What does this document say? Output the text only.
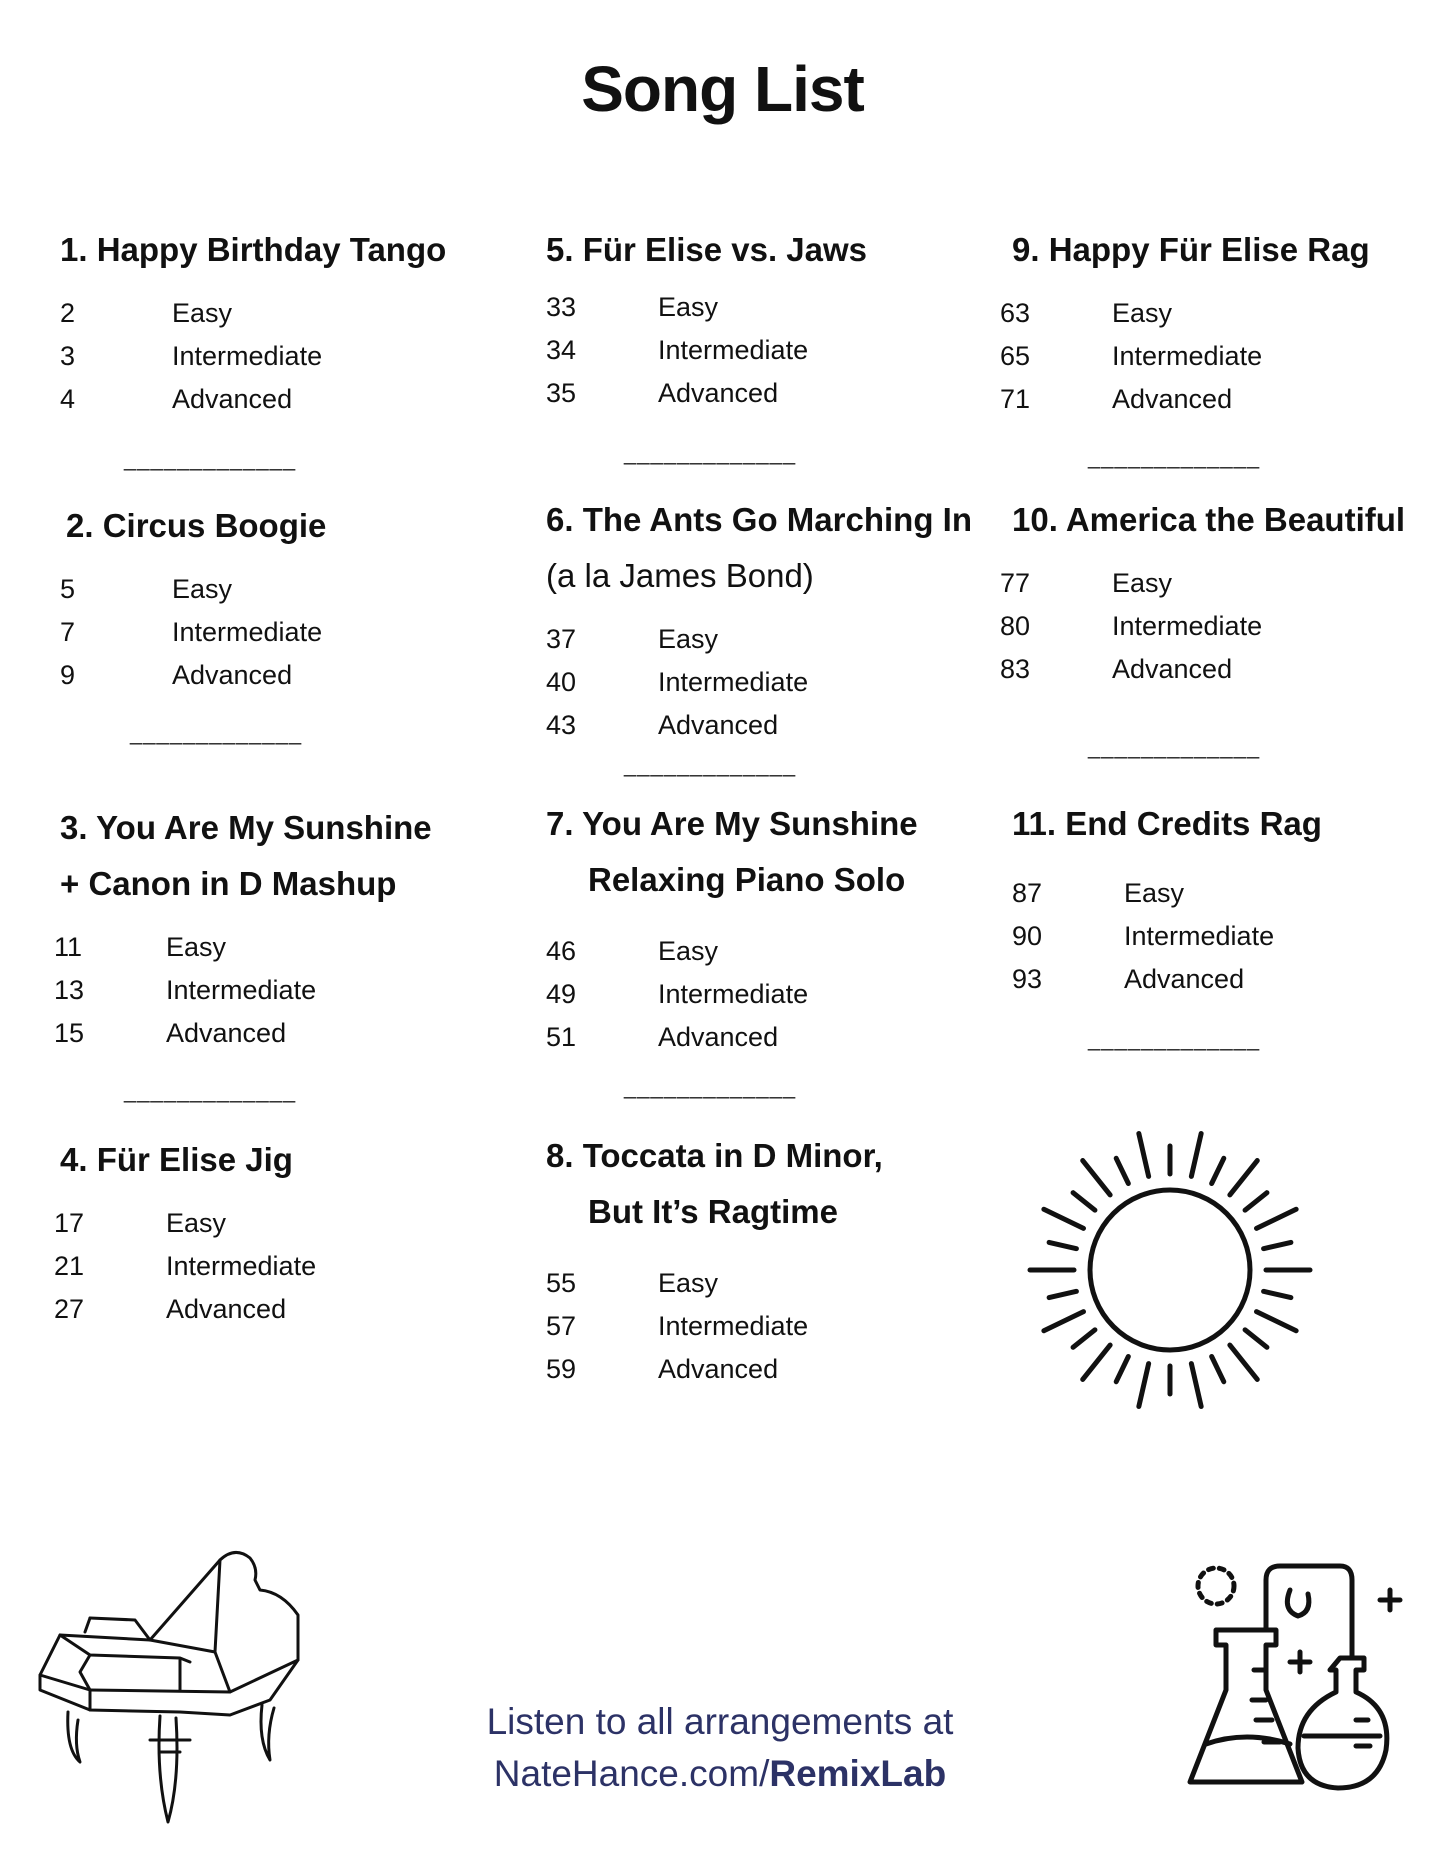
Song List
1. Happy Birthday Tango
2	Easy
3	Intermediate
4	Advanced
_____________
2. Circus Boogie
5	Easy
7	Intermediate
9	Advanced
_____________
3. You Are My Sunshine
+ Canon in D Mashup
11	Easy
13	Intermediate
15	Advanced
_____________
4. Für Elise Jig
17	Easy
21	Intermediate
27	Advanced
5. Für Elise vs. Jaws
33	Easy
34	Intermediate
35	Advanced
_____________
6. The Ants Go Marching In
(a la James Bond)
37	Easy
40	Intermediate
43	Advanced
_____________
7. You Are My Sunshine
Relaxing Piano Solo
46	Easy
49	Intermediate
51	Advanced
_____________
8. Toccata in D Minor,
But It’s Ragtime
55	Easy
57	Intermediate
59	Advanced
9. Happy Für Elise Rag
63	Easy
65	Intermediate
71	Advanced
_____________
10. America the Beautiful
77	Easy
80	Intermediate
83	Advanced
_____________
11. End Credits Rag
87	Easy
90	Intermediate
93	Advanced
_____________
Listen to all arrangements at
NateHance.com/RemixLab
